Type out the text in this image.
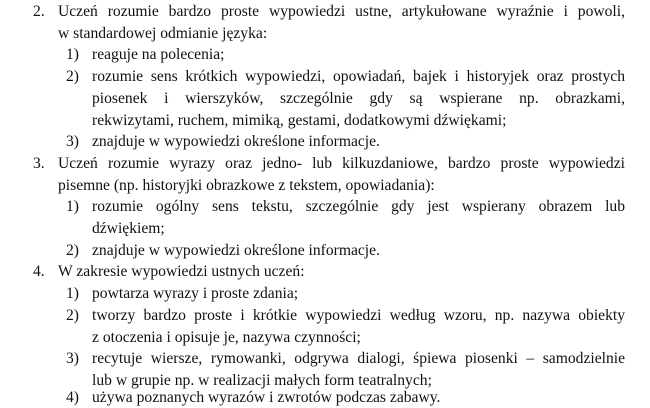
2. Uczeń rozumie bardzo proste wypowiedzi ustne, artykułowane wyraźnie i powoli,
w standardowej odmianie języka:
1) reaguje na polecenia;
2) rozumie sens krótkich wypowiedzi, opowiadań, bajek i historyjek oraz prostych
piosenek i wierszyków, szczególnie gdy są wspierane np. obrazkami,
rekwizytami, ruchem, mimiką, gestami, dodatkowymi dźwiękami;
3) znajduje w wypowiedzi określone informacje.
3. Uczeń rozumie wyrazy oraz jedno- lub kilkuzdaniowe, bardzo proste wypowiedzi
pisemne (np. historyjki obrazkowe z tekstem, opowiadania):
1) rozumie ogólny sens tekstu, szczególnie gdy jest wspierany obrazem lub
dźwiękiem;
2) znajduje w wypowiedzi określone informacje.
4. W zakresie wypowiedzi ustnych uczeń:
1) powtarza wyrazy i proste zdania;
2) tworzy bardzo proste i krótkie wypowiedzi według wzoru, np. nazywa obiekty
z otoczenia i opisuje je, nazywa czynności;
3) recytuje wiersze, rymowanki, odgrywa dialogi, śpiewa piosenki – samodzielnie
lub w grupie np. w realizacji małych form teatralnych;
4) używa poznanych wyrazów i zwrotów podczas zabawy.
